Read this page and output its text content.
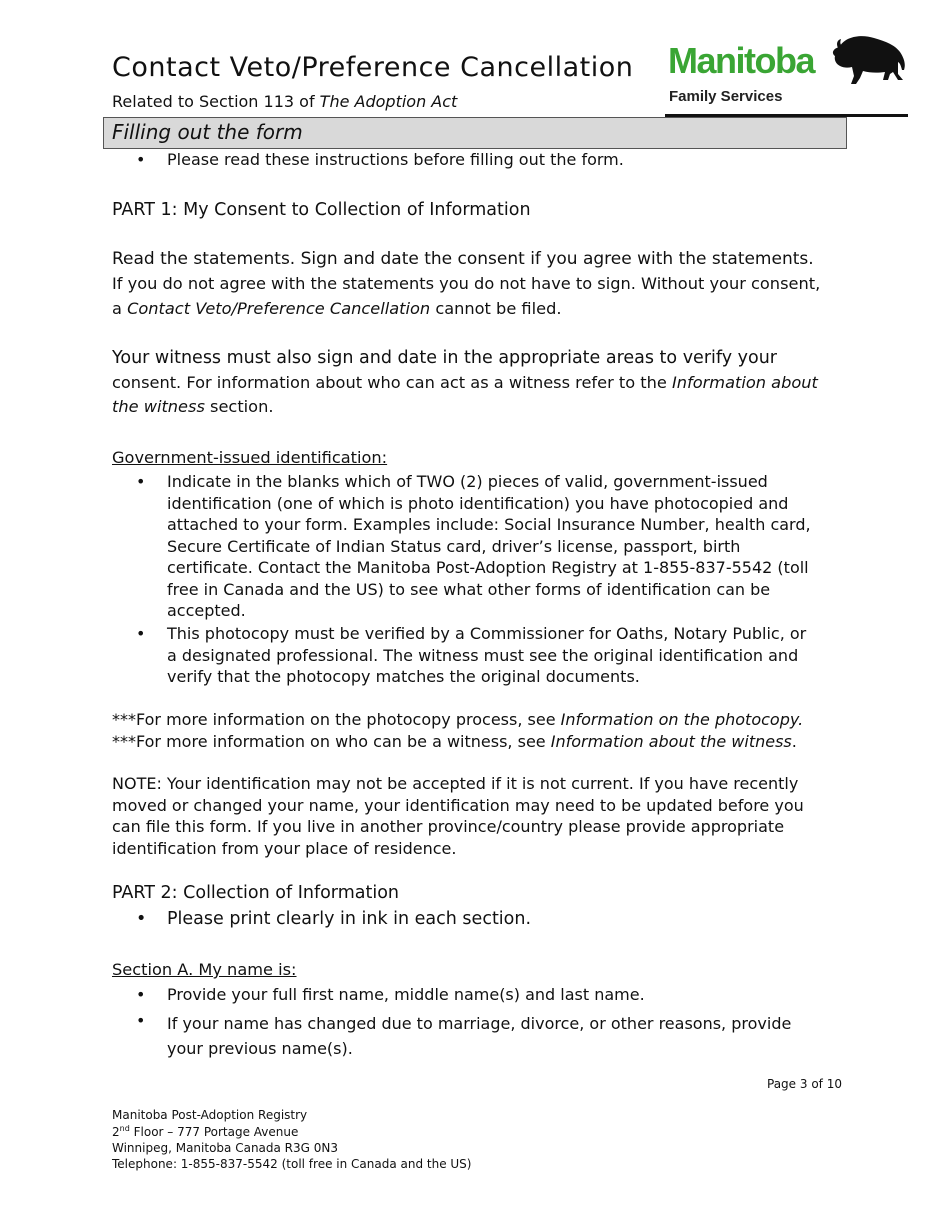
Contact Veto/Preference Cancellation
Related to Section 113 of The Adoption Act
Manitoba
Family Services
Filling out the form
• Please read these instructions before filling out the form.
PART 1: My Consent to Collection of Information
Read the statements. Sign and date the consent if you agree with the statements.
If you do not agree with the statements you do not have to sign. Without your consent,
a Contact Veto/Preference Cancellation cannot be filed.
Your witness must also sign and date in the appropriate areas to verify your
consent. For information about who can act as a witness refer to the Information about
the witness section.
Government-issued identification:
• Indicate in the blanks which of TWO (2) pieces of valid, government-issued
identification (one of which is photo identification) you have photocopied and
attached to your form. Examples include: Social Insurance Number, health card,
Secure Certificate of Indian Status card, driver’s license, passport, birth
certificate. Contact the Manitoba Post-Adoption Registry at 1-855-837-5542 (toll
free in Canada and the US) to see what other forms of identification can be
accepted.
• This photocopy must be verified by a Commissioner for Oaths, Notary Public, or
a designated professional. The witness must see the original identification and
verify that the photocopy matches the original documents.
***For more information on the photocopy process, see Information on the photocopy.
***For more information on who can be a witness, see Information about the witness.
NOTE: Your identification may not be accepted if it is not current. If you have recently
moved or changed your name, your identification may need to be updated before you
can file this form. If you live in another province/country please provide appropriate
identification from your place of residence.
PART 2: Collection of Information
• Please print clearly in ink in each section.
Section A. My name is:
• Provide your full first name, middle name(s) and last name.
• If your name has changed due to marriage, divorce, or other reasons, provide
your previous name(s).
Page 3 of 10
Manitoba Post-Adoption Registry
2nd Floor – 777 Portage Avenue
Winnipeg, Manitoba Canada R3G 0N3
Telephone: 1-855-837-5542 (toll free in Canada and the US)
